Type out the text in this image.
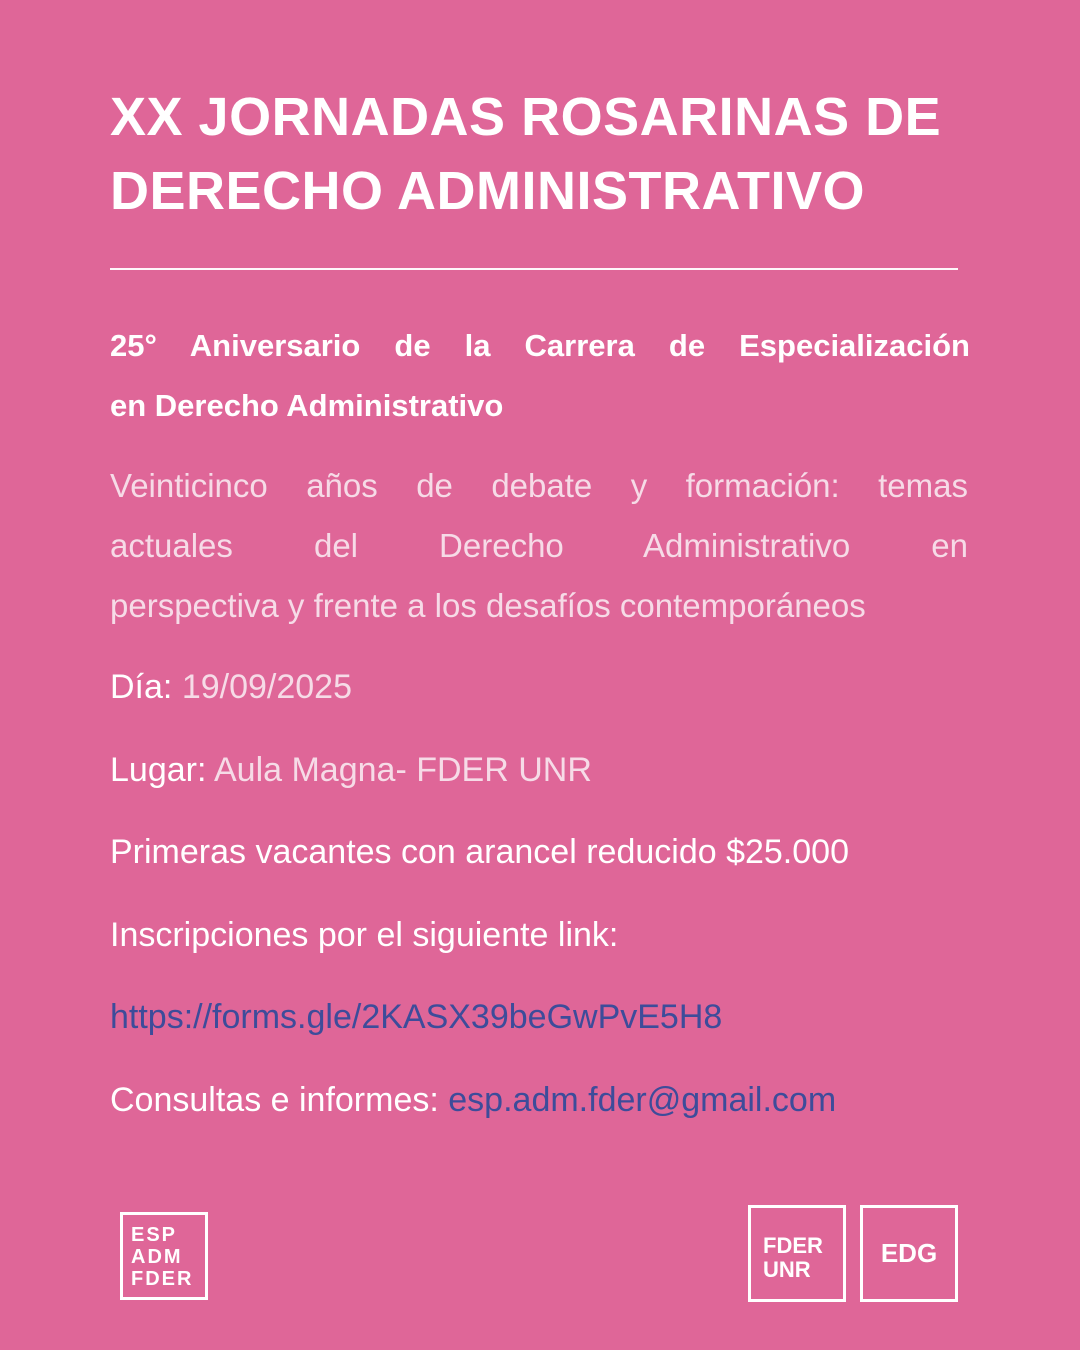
XX JORNADAS ROSARINAS DE
DERECHO ADMINISTRATIVO
25° Aniversario de la Carrera de Especialización
en Derecho Administrativo

Veinticinco años de debate y formación: temas
actuales del Derecho Administrativo en
perspectiva y frente a los desafíos contemporáneos

Día: 19/09/2025

Lugar: Aula Magna- FDER UNR

Primeras vacantes con arancel reducido $25.000

Inscripciones por el siguiente link:

https://forms.gle/2KASX39beGwPvE5H8

Consultas e informes: esp.adm.fder@gmail.com

ESP
ADM
FDER
FDER
UNR
EDG
